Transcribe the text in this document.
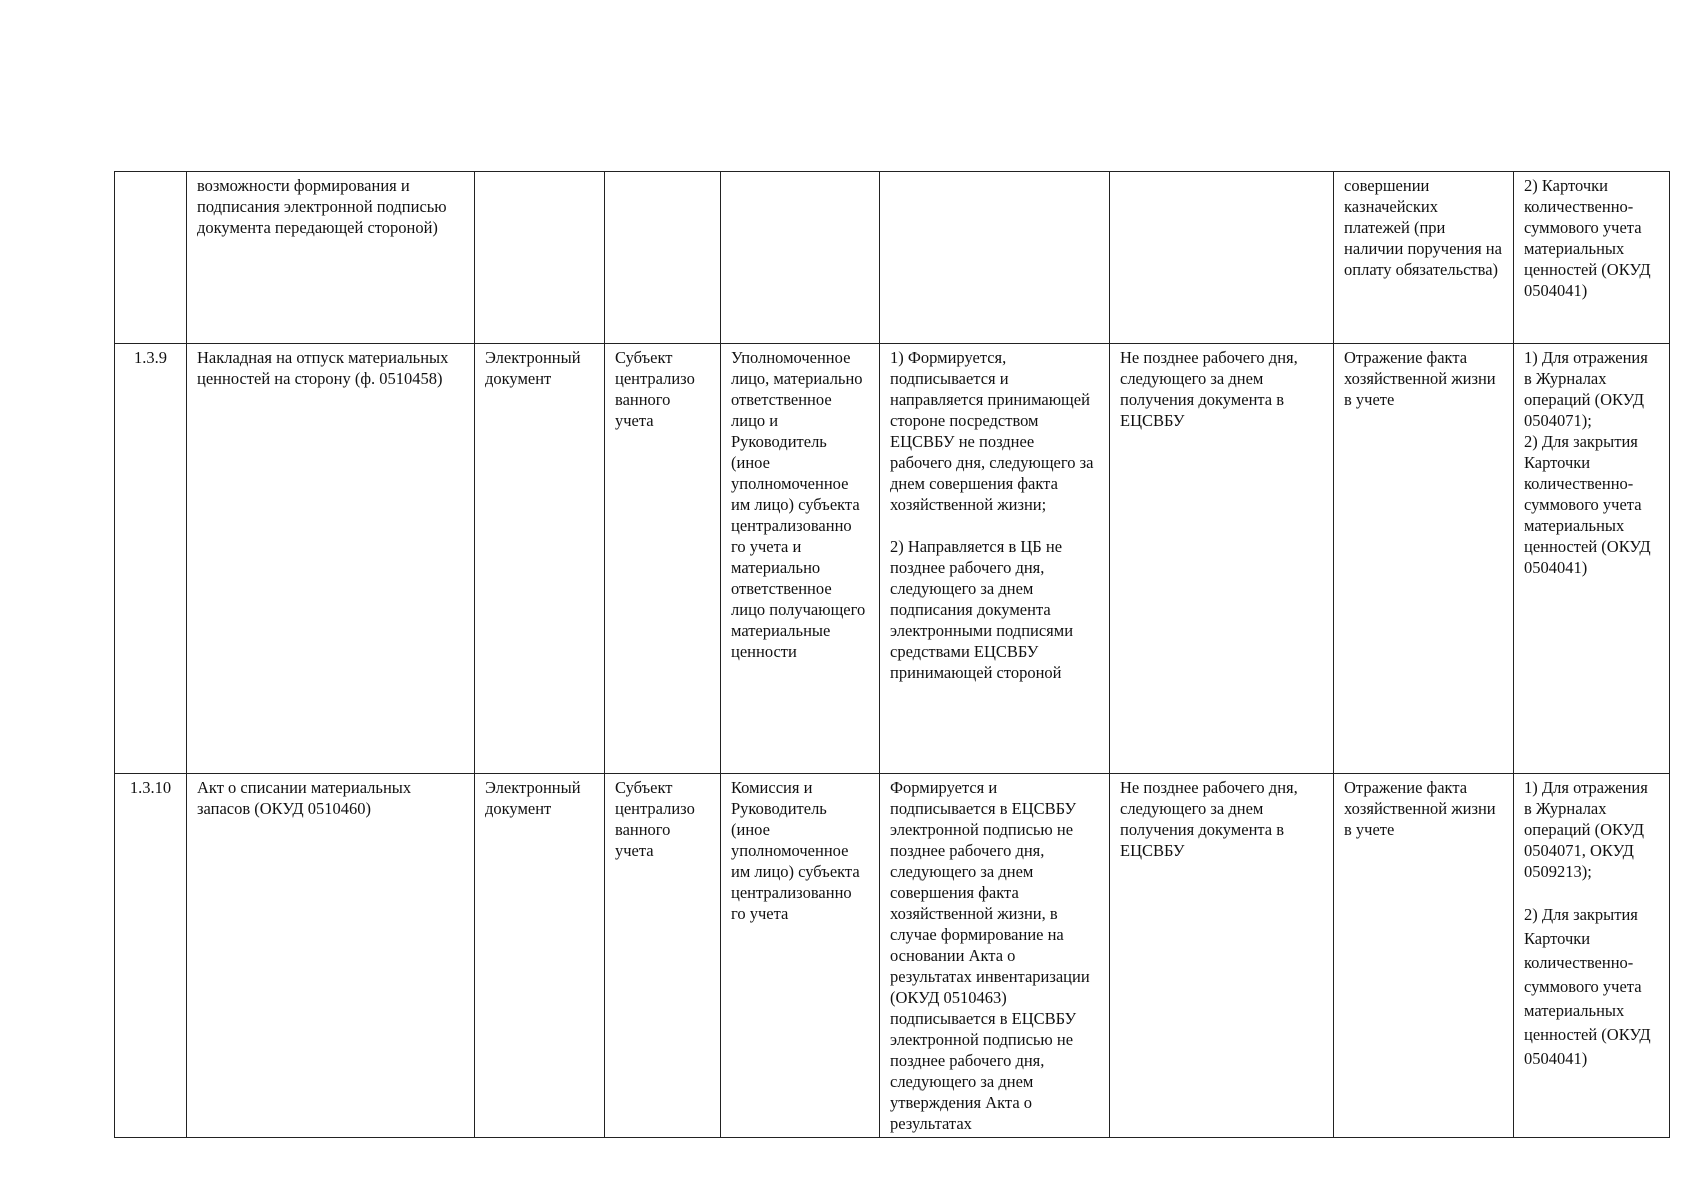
	возможности формирования и подписания электронной подписью документа передающей стороной)						совершении казначейских платежей (при наличии поручения на оплату обязательства)	2) Карточки количественно-суммового учета материальных ценностей (ОКУД 0504041)

1.3.9	Накладная на отпуск материальных ценностей на сторону (ф. 0510458)	Электронный документ	Субъект централизо ванного учета	Уполномоченное лицо, материально ответственное лицо и Руководитель (иное уполномоченное им лицо) субъекта централизованно го учета и материально ответственное лицо получающего материальные ценности	1) Формируется, подписывается и направляется принимающей стороне посредством ЕЦСВБУ не позднее рабочего дня, следующего за днем совершения факта хозяйственной жизни;
2) Направляется в ЦБ не позднее рабочего дня, следующего за днем подписания документа электронными подписями средствами ЕЦСВБУ принимающей стороной	Не позднее рабочего дня, следующего за днем получения документа в ЕЦСВБУ	Отражение факта хозяйственной жизни в учете	1) Для отражения в Журналах операций (ОКУД 0504071);
2) Для закрытия Карточки количественно-суммового учета материальных ценностей (ОКУД 0504041)

1.3.10	Акт о списании материальных запасов (ОКУД 0510460)	Электронный документ	Субъект централизо ванного учета	Комиссия и Руководитель (иное уполномоченное им лицо) субъекта централизованно го учета	Формируется и подписывается в ЕЦСВБУ электронной подписью не позднее рабочего дня, следующего за днем совершения факта хозяйственной жизни, в случае формирование на основании Акта о результатах инвентаризации (ОКУД 0510463) подписывается в ЕЦСВБУ электронной подписью не позднее рабочего дня, следующего за днем утверждения Акта о результатах	Не позднее рабочего дня, следующего за днем получения документа в ЕЦСВБУ	Отражение факта хозяйственной жизни в учете	1) Для отражения в Журналах операций (ОКУД 0504071, ОКУД 0509213);
2) Для закрытия Карточки количественно-суммового учета материальных ценностей (ОКУД 0504041)
